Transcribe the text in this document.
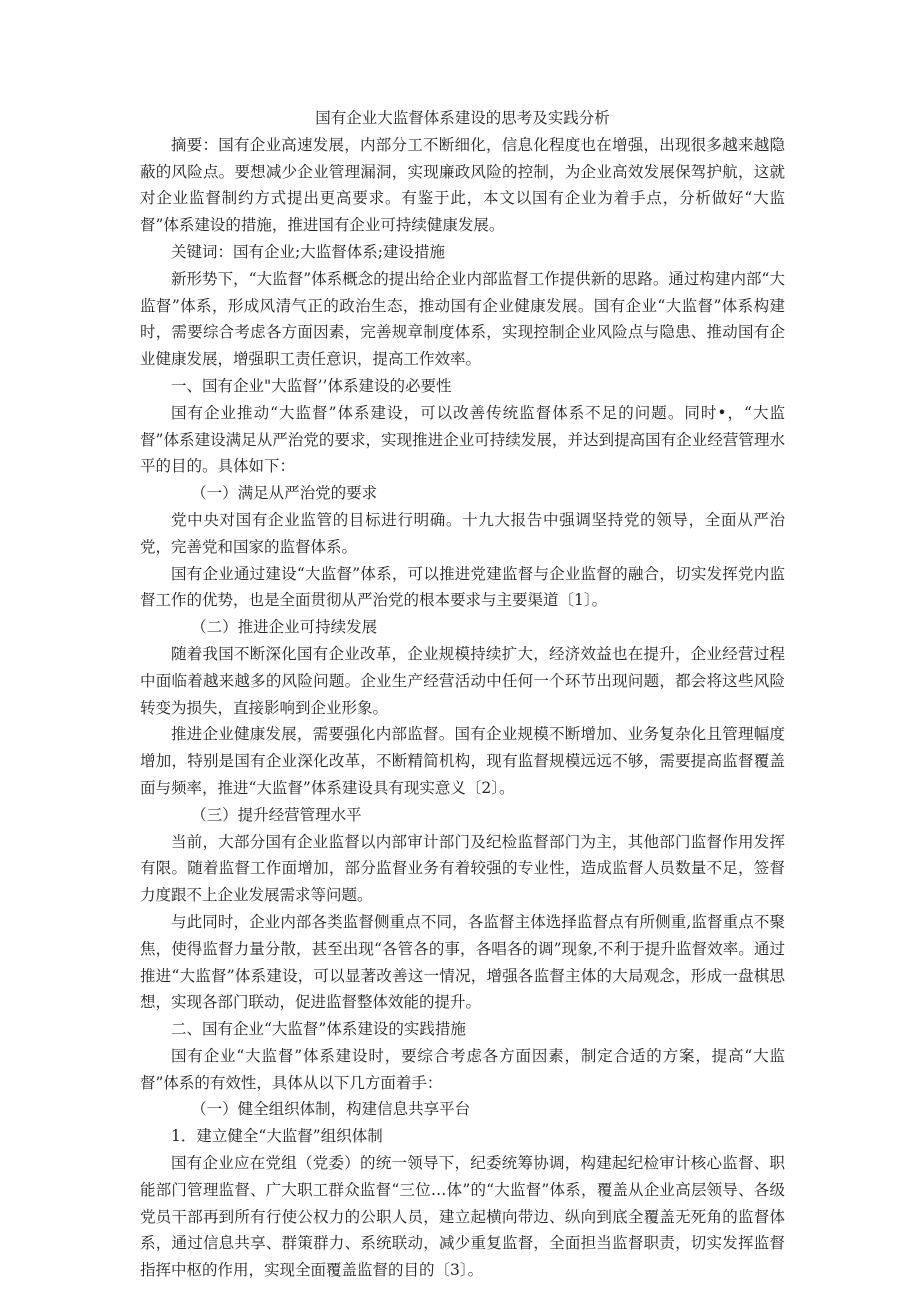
国有企业大监督体系建设的思考及实践分析

摘要：国有企业高速发展，内部分工不断细化，信息化程度也在增强，出现很多越来越隐蔽的风险点。要想减少企业管理漏洞，实现廉政风险的控制，为企业高效发展保驾护航，这就对企业监督制约方式提出更高要求。有鉴于此，本文以国有企业为着手点，分析做好“大监督”体系建设的措施，推进国有企业可持续健康发展。

关键词：国有企业;大监督体系;建设措施

新形势下，“大监督”体系概念的提出给企业内部监督工作提供新的思路。通过构建内部“大监督”体系，形成风清气正的政治生态，推动国有企业健康发展。国有企业“大监督”体系构建时，需要综合考虑各方面因素，完善规章制度体系，实现控制企业风险点与隐患、推动国有企业健康发展，增强职工责任意识，提高工作效率。

一、国有企业"大监督’’体系建设的必要性

国有企业推动“大监督”体系建设，可以改善传统监督体系不足的问题。同时•，“大监督”体系建设满足从严治党的要求，实现推进企业可持续发展，并达到提高国有企业经营管理水平的目的。具体如下：

（一）满足从严治党的要求

党中央对国有企业监管的目标进行明确。十九大报告中强调坚持党的领导，全面从严治党，完善党和国家的监督体系。

国有企业通过建设“大监督”体系，可以推进党建监督与企业监督的融合，切实发挥党内监督工作的优势，也是全面贯彻从严治党的根本要求与主要渠道〔1〕。

（二）推进企业可持续发展

随着我国不断深化国有企业改革，企业规模持续扩大，经济效益也在提升，企业经营过程中面临着越来越多的风险问题。企业生产经营活动中任何一个环节出现问题，都会将这些风险转变为损失，直接影响到企业形象。

推进企业健康发展，需要强化内部监督。国有企业规模不断增加、业务复杂化且管理幅度增加，特别是国有企业深化改革，不断精简机构，现有监督规模远远不够，需要提高监督覆盖面与频率，推进“大监督”体系建设具有现实意义〔2〕。

（三）提升经营管理水平

当前，大部分国有企业监督以内部审计部门及纪检监督部门为主，其他部门监督作用发挥有限。随着监督工作面增加，部分监督业务有着较强的专业性，造成监督人员数量不足，签督力度跟不上企业发展需求等问题。

与此同时，企业内部各类监督侧重点不同，各监督主体选择监督点有所侧重,监督重点不聚焦，使得监督力量分散，甚至出现“各管各的事，各唱各的调”现象,不利于提升监督效率。通过推进“大监督”体系建设，可以显著改善这一情况，增强各监督主体的大局观念，形成一盘棋思想，实现各部门联动，促进监督整体效能的提升。

二、国有企业“大监督”体系建设的实践措施

国有企业“大监督”体系建设时，要综合考虑各方面因素，制定合适的方案，提高“大监督”体系的有效性，具体从以下几方面着手：

（一）健全组织体制，构建信息共享平台

1．建立健全“大监督”组织体制

国有企业应在党组（党委）的统一领导下，纪委统筹协调，构建起纪检审计核心监督、职能部门管理监督、广大职工群众监督“三位…体”的“大监督”体系，覆盖从企业高层领导、各级党员干部再到所有行使公权力的公职人员，建立起横向带边、纵向到底全覆盖无死角的监督体系，通过信息共享、群策群力、系统联动，减少重复监督，全面担当监督职责，切实发挥监督指挥中枢的作用，实现全面覆盖监督的目的〔3〕。
